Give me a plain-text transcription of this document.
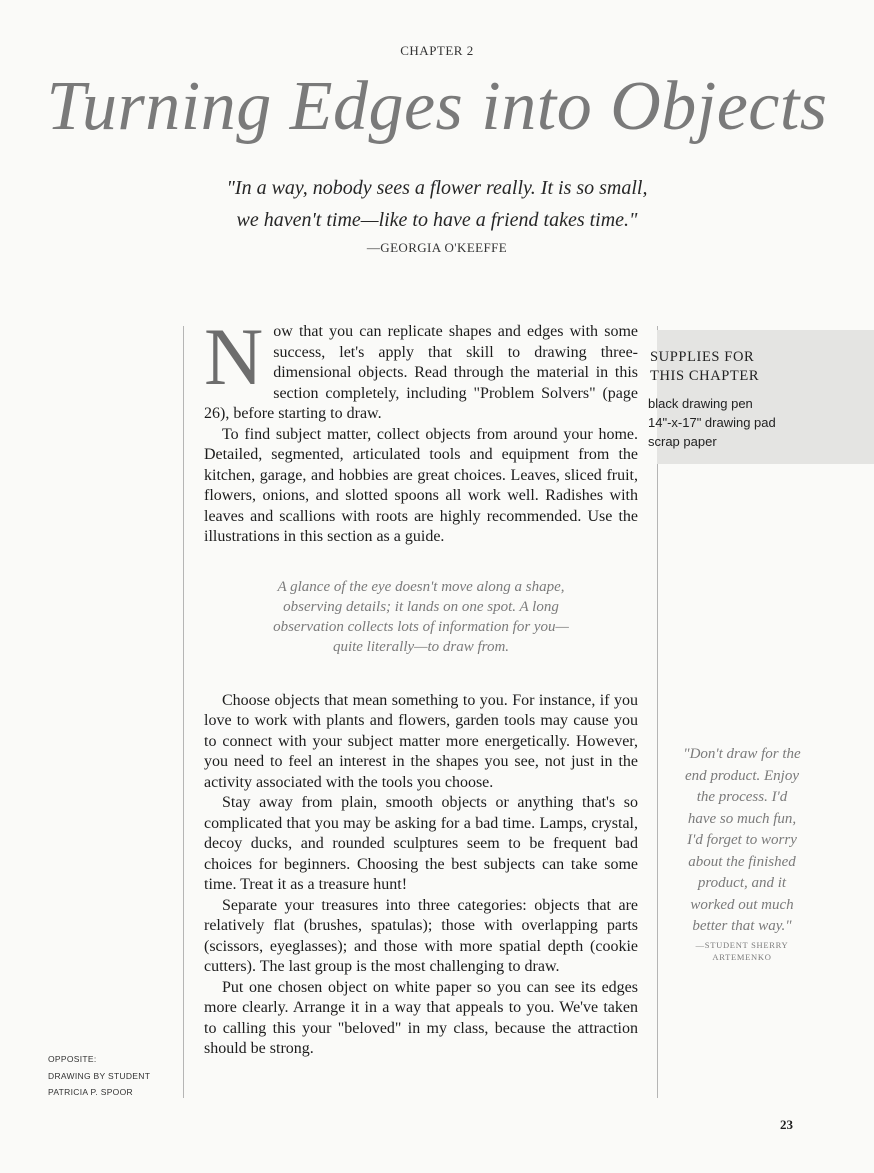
CHAPTER 2
Turning Edges into Objects
"In a way, nobody sees a flower really. It is so small,
we haven't time—like to have a friend takes time."
—GEORGIA O'KEEFFE

Now that you can replicate shapes and edges with some success, let's apply that skill to drawing three-dimensional objects. Read through the material in this section completely, including "Problem Solvers" (page 26), before starting to draw.

To find subject matter, collect objects from around your home. Detailed, segmented, articulated tools and equipment from the kitchen, garage, and hobbies are great choices. Leaves, sliced fruit, flowers, onions, and slotted spoons all work well. Radishes with leaves and scallions with roots are highly recommended. Use the illustrations in this section as a guide.

A glance of the eye doesn't move along a shape,
observing details; it lands on one spot. A long
observation collects lots of information for you—
quite literally—to draw from.

Choose objects that mean something to you. For instance, if you love to work with plants and flowers, garden tools may cause you to connect with your subject matter more energetically. However, you need to feel an interest in the shapes you see, not just in the activity associated with the tools you choose.

Stay away from plain, smooth objects or anything that's so complicated that you may be asking for a bad time. Lamps, crystal, decoy ducks, and rounded sculptures seem to be frequent bad choices for beginners. Choosing the best subjects can take some time. Treat it as a treasure hunt!

Separate your treasures into three categories: objects that are relatively flat (brushes, spatulas); those with overlapping parts (scissors, eyeglasses); and those with more spatial depth (cookie cutters). The last group is the most challenging to draw.

Put one chosen object on white paper so you can see its edges more clearly. Arrange it in a way that appeals to you. We've taken to calling this your "beloved" in my class, because the attraction should be strong.

SUPPLIES FOR
THIS CHAPTER
black drawing pen
14"-x-17" drawing pad
scrap paper
"Don't draw for the
end product. Enjoy
the process. I'd
have so much fun,
I'd forget to worry
about the finished
product, and it
worked out much
better that way."
—STUDENT SHERRY
ARTEMENKO
OPPOSITE:
DRAWING BY STUDENT
PATRICIA P. SPOOR
23
